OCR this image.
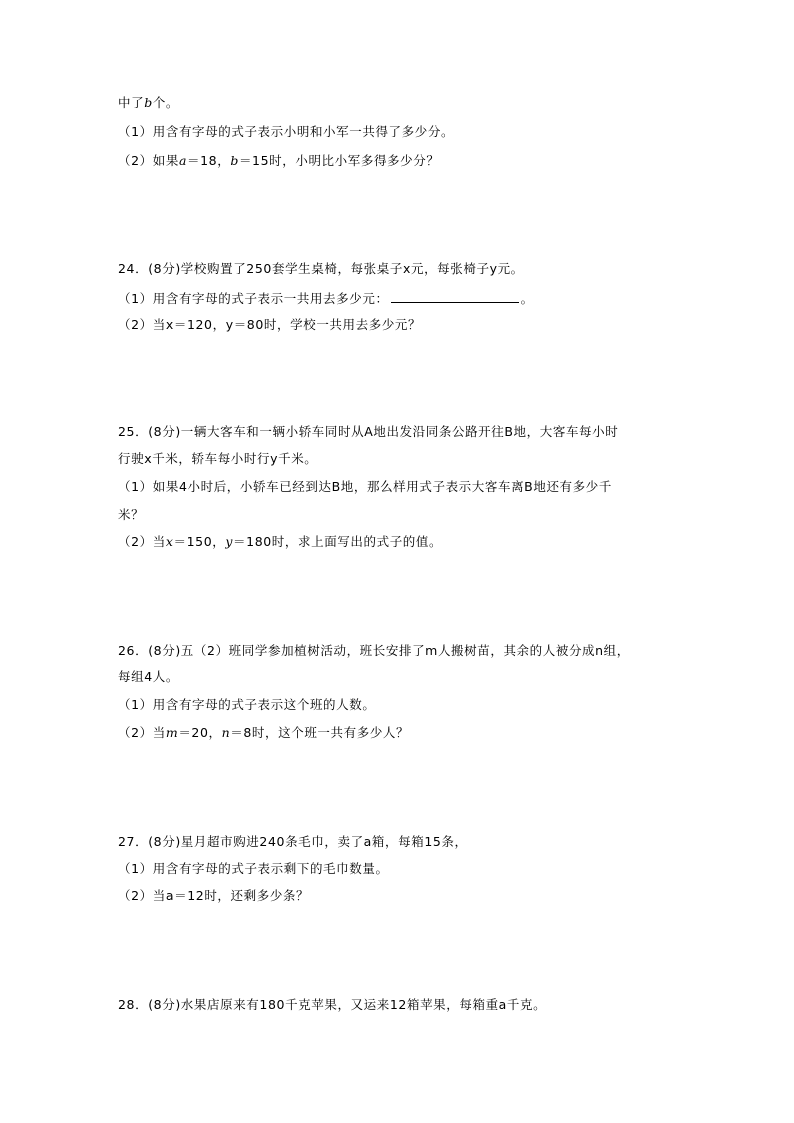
中了b个。
（1）用含有字母的式子表示小明和小军一共得了多少分。
（2）如果a＝18，b＝15时，小明比小军多得多少分？
24．(8分)学校购置了250套学生桌椅，每张桌子x元，每张椅子y元。
（1）用含有字母的式子表示一共用去多少元：	。
（2）当x＝120，y＝80时，学校一共用去多少元？
25．(8分)一辆大客车和一辆小轿车同时从A地出发沿同条公路开往B地，大客车每小时
行驶x千米，轿车每小时行y千米。
（1）如果4小时后，小轿车已经到达B地，那么样用式子表示大客车离B地还有多少千
米？
（2）当x＝150，y＝180时，求上面写出的式子的值。
26．(8分)五（2）班同学参加植树活动，班长安排了m人搬树苗，其余的人被分成n组，
每组4人。
（1）用含有字母的式子表示这个班的人数。
（2）当m＝20，n＝8时，这个班一共有多少人？
27．(8分)星月超市购进240条毛巾，卖了a箱，每箱15条，
（1）用含有字母的式子表示剩下的毛巾数量。
（2）当a＝12时，还剩多少条？
28．(8分)水果店原来有180千克苹果，又运来12箱苹果，每箱重a千克。
